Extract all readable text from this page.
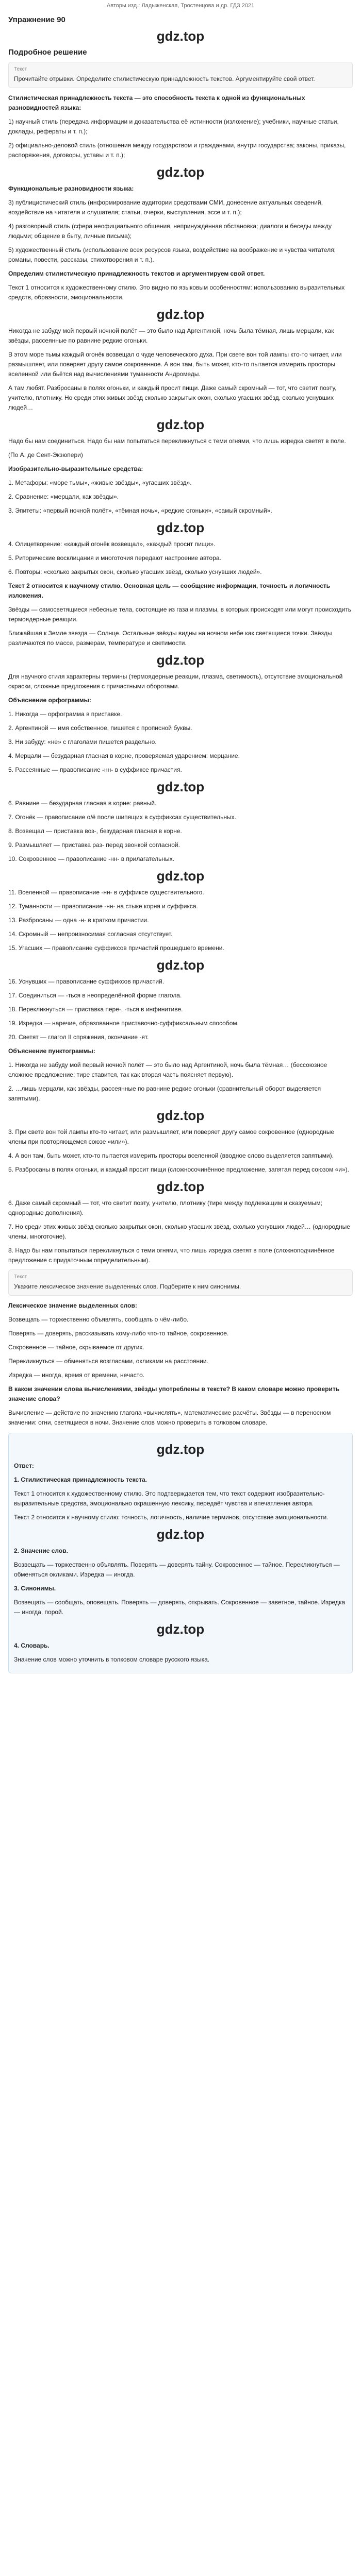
Авторы изд.: Ладыженская, Тростенцова и др. ГДЗ 2021
Упражнение 90
gdz.top
Подробное решение
Текст
Прочитайте отрывки. Определите стилистическую принадлежность текстов. Аргументируйте свой ответ.
Стилистическая принадлежность текста — это способность текста к одной из функциональных разновидностей языка:
1) научный стиль (передача информации и доказательства её истинности (изложение); учебники, научные статьи, доклады, рефераты и т. п.);
2) официально-деловой стиль (отношения между государством и гражданами, внутри государства; законы, приказы, распоряжения, договоры, уставы и т. п.);
gdz.top
Функциональные разновидности языка:
3) публицистический стиль (информирование аудитории средствами СМИ, донесение актуальных сведений, воздействие на читателя и слушателя; статьи, очерки, выступления, эссе и т. п.);
4) разговорный стиль (сфера неофициального общения, непринуждённая обстановка; диалоги и беседы между людьми; общение в быту, личные письма);
5) художественный стиль (использование всех ресурсов языка, воздействие на воображение и чувства читателя; романы, повести, рассказы, стихотворения и т. п.).
Определим стилистическую принадлежность текстов и аргументируем свой ответ.
Текст 1 относится к художественному стилю. Это видно по языковым особенностям: использованию выразительных средств, образности, эмоциональности.
gdz.top
Никогда не забуду мой первый ночной полёт — это было над Аргентиной, ночь была тёмная, лишь мерцали, как звёзды, рассеянные по равнине редкие огоньки.
В этом море тьмы каждый огонёк возвещал о чуде человеческого духа. При свете вон той лампы кто-то читает, или размышляет, или поверяет другу самое сокровенное. А вон там, быть может, кто-то пытается измерить просторы вселенной или бьётся над вычислениями туманности Андромеды.
А там любят. Разбросаны в полях огоньки, и каждый просит пищи. Даже самый скромный — тот, что светит поэту, учителю, плотнику. Но среди этих живых звёзд сколько закрытых окон, сколько угасших звёзд, сколько уснувших людей…
gdz.top
Надо бы нам соединиться. Надо бы нам попытаться перекликнуться с теми огнями, что лишь изредка светят в поле.
(По А. де Сент-Экзюпери)
Изобразительно-выразительные средства:
1. Метафоры: «море тьмы», «живые звёзды», «угасших звёзд».
2. Сравнение: «мерцали, как звёзды».
3. Эпитеты: «первый ночной полёт», «тёмная ночь», «редкие огоньки», «самый скромный».
gdz.top
4. Олицетворение: «каждый огонёк возвещал», «каждый просит пищи».
5. Риторические восклицания и многоточия передают настроение автора.
6. Повторы: «сколько закрытых окон, сколько угасших звёзд, сколько уснувших людей».
Текст 2 относится к научному стилю. Основная цель — сообщение информации, точность и логичность изложения.
Звёзды — самосветящиеся небесные тела, состоящие из газа и плазмы, в которых происходят или могут происходить термоядерные реакции.
Ближайшая к Земле звезда — Солнце. Остальные звёзды видны на ночном небе как светящиеся точки. Звёзды различаются по массе, размерам, температуре и светимости.
gdz.top
Для научного стиля характерны термины (термоядерные реакции, плазма, светимость), отсутствие эмоциональной окраски, сложные предложения с причастными оборотами.
Объяснение орфограммы:
1. Никогда — орфограмма в приставке.
2. Аргентиной — имя собственное, пишется с прописной буквы.
3. Ни забуду: «не» с глаголами пишется раздельно.
4. Мерцали — безударная гласная в корне, проверяемая ударением: мерцание.
5. Рассеянные — правописание -нн- в суффиксе причастия.
gdz.top
6. Равнине — безударная гласная в корне: равный.
7. Огонёк — правописание о/ё после шипящих в суффиксах существительных.
8. Возвещал — приставка воз-, безударная гласная в корне.
9. Размышляет — приставка раз- перед звонкой согласной.
10. Сокровенное — правописание -нн- в прилагательных.
gdz.top
11. Вселенной — правописание -нн- в суффиксе существительного.
12. Туманности — правописание -нн- на стыке корня и суффикса.
13. Разбросаны — одна -н- в кратком причастии.
14. Скромный — непроизносимая согласная отсутствует.
15. Угасших — правописание суффиксов причастий прошедшего времени.
gdz.top
16. Уснувших — правописание суффиксов причастий.
17. Соединиться — -ться в неопределённой форме глагола.
18. Перекликнуться — приставка пере-, -ться в инфинитиве.
19. Изредка — наречие, образованное приставочно-суффиксальным способом.
20. Светят — глагол II спряжения, окончание -ят.
Объяснение пунктограммы:
1. Никогда не забуду мой первый ночной полёт — это было над Аргентиной, ночь была тёмная… (бессоюзное сложное предложение; тире ставится, так как вторая часть поясняет первую).
2. …лишь мерцали, как звёзды, рассеянные по равнине редкие огоньки (сравнительный оборот выделяется запятыми).
gdz.top
3. При свете вон той лампы кто-то читает, или размышляет, или поверяет другу самое сокровенное (однородные члены при повторяющемся союзе «или»).
4. А вон там, быть может, кто-то пытается измерить просторы вселенной (вводное слово выделяется запятыми).
5. Разбросаны в полях огоньки, и каждый просит пищи (сложносочинённое предложение, запятая перед союзом «и»).
gdz.top
6. Даже самый скромный — тот, что светит поэту, учителю, плотнику (тире между подлежащим и сказуемым; однородные дополнения).
7. Но среди этих живых звёзд сколько закрытых окон, сколько угасших звёзд, сколько уснувших людей… (однородные члены, многоточие).
8. Надо бы нам попытаться перекликнуться с теми огнями, что лишь изредка светят в поле (сложноподчинённое предложение с придаточным определительным).
Текст
Укажите лексическое значение выделенных слов. Подберите к ним синонимы.
Лексическое значение выделенных слов:
Возвещать — торжественно объявлять, сообщать о чём-либо.
Поверять — доверять, рассказывать кому-либо что-то тайное, сокровенное.
Сокровенное — тайное, скрываемое от других.
Перекликнуться — обменяться возгласами, окликами на расстоянии.
Изредка — иногда, время от времени, нечасто.
В каком значении слова вычислениями, звёзды употреблены в тексте? В каком словаре можно проверить значение слова?
Вычисление — действие по значению глагола «вычислять», математические расчёты. Звёзды — в переносном значении: огни, светящиеся в ночи. Значение слов можно проверить в толковом словаре.
gdz.top
Ответ:
1. Стилистическая принадлежность текста.
Текст 1 относится к художественному стилю. Это подтверждается тем, что текст содержит изобразительно-выразительные средства, эмоционально окрашенную лексику, передаёт чувства и впечатления автора.
Текст 2 относится к научному стилю: точность, логичность, наличие терминов, отсутствие эмоциональности.
gdz.top
2. Значение слов.
Возвещать — торжественно объявлять. Поверять — доверять тайну. Сокровенное — тайное. Перекликнуться — обменяться окликами. Изредка — иногда.
3. Синонимы.
Возвещать — сообщать, оповещать. Поверять — доверять, открывать. Сокровенное — заветное, тайное. Изредка — иногда, порой.
gdz.top
4. Словарь.
Значение слов можно уточнить в толковом словаре русского языка.
